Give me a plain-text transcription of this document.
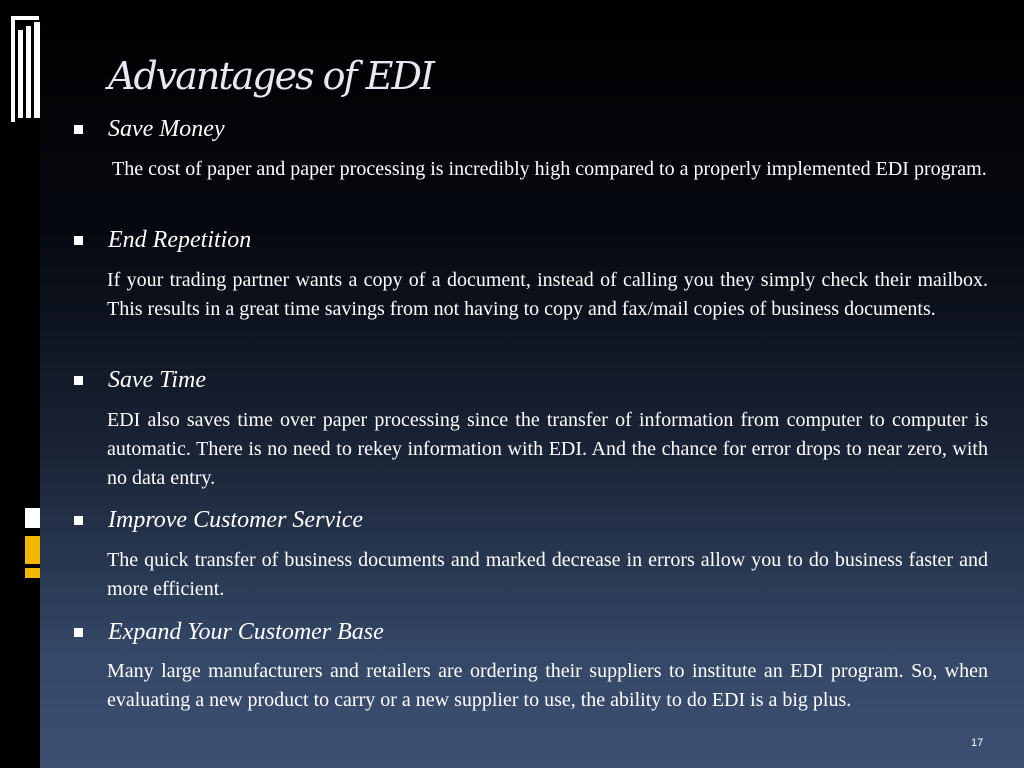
Advantages of EDI
Save Money

The cost of paper and paper processing is incredibly high compared to a properly implemented EDI program.

End Repetition

If your trading partner wants a copy of a document, instead of calling you they simply check their mailbox. This results in a great time savings from not having to copy and fax/mail copies of business documents.

Save Time

EDI also saves time over paper processing since the transfer of information from computer to computer is automatic. There is no need to rekey information with EDI. And the chance for error drops to near zero, with no data entry.

Improve Customer Service

The quick transfer of business documents and marked decrease in errors allow you to do business faster and more efficient.

Expand Your Customer Base

Many large manufacturers and retailers are ordering their suppliers to institute an EDI program. So, when evaluating a new product to carry or a new supplier to use, the ability to do EDI is a big plus.

17
